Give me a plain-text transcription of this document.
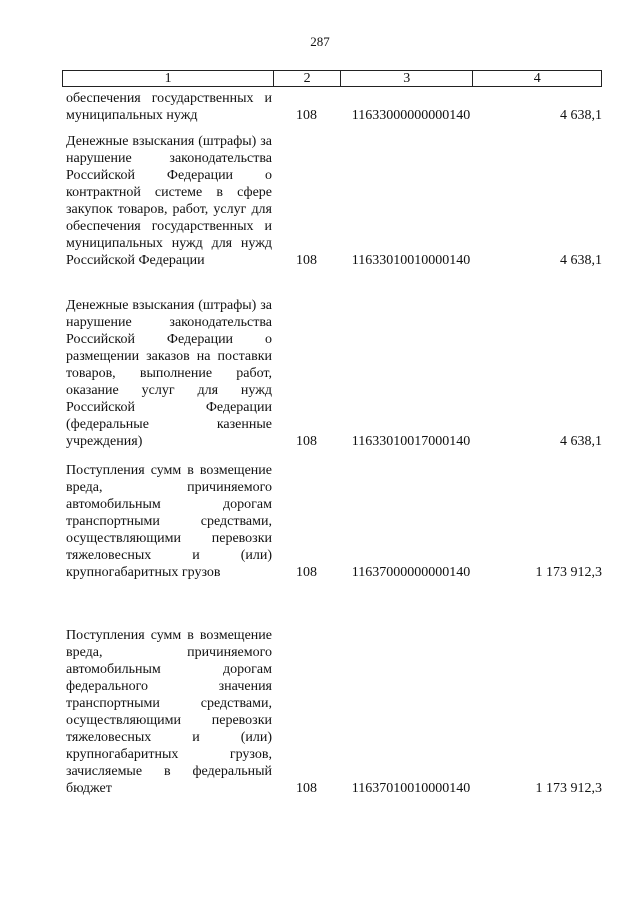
287
1	2	3	4
обеспечения государственных и муниципальных нужд	108	11633000000000140	4 638,1
Денежные взыскания (штрафы) за нарушение законодательства Российской Федерации о контрактной системе в сфере закупок товаров, работ, услуг для обеспечения государственных и муниципальных нужд для нужд Российской Федерации	108	11633010010000140	4 638,1
Денежные взыскания (штрафы) за нарушение законодательства Российской Федерации о размещении заказов на поставки товаров, выполнение работ, оказание услуг для нужд Российской Федерации (федеральные казенные учреждения)	108	11633010017000140	4 638,1
Поступления сумм в возмещение вреда, причиняемого автомобильным дорогам транспортными средствами, осуществляющими перевозки тяжеловесных и (или) крупногабаритных грузов	108	11637000000000140	1 173 912,3
Поступления сумм в возмещение вреда, причиняемого автомобильным дорогам федерального значения транспортными средствами, осуществляющими перевозки тяжеловесных и (или) крупногабаритных грузов, зачисляемые в федеральный бюджет	108	11637010010000140	1 173 912,3
